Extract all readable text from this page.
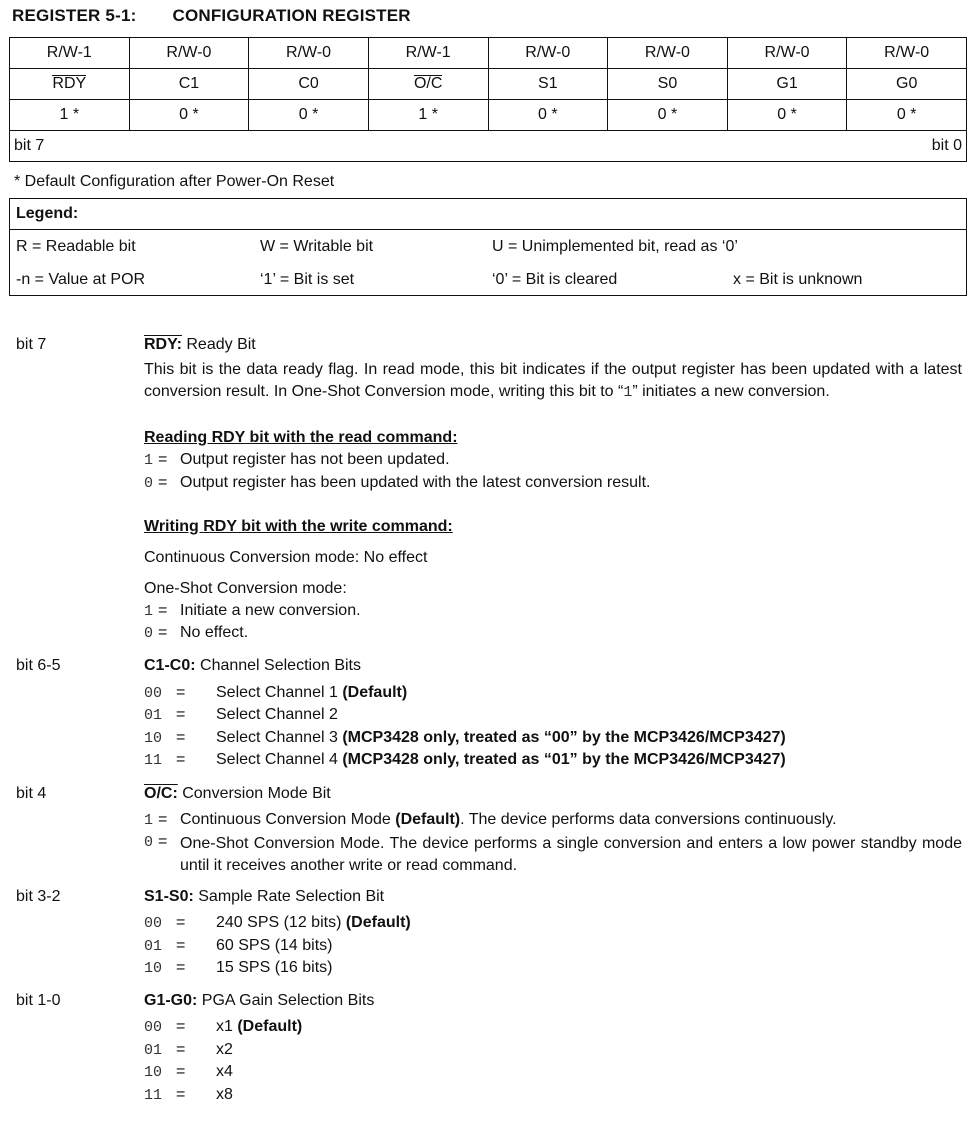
REGISTER 5-1: CONFIGURATION REGISTER
R/W-1	R/W-0	R/W-0	R/W-1	R/W-0	R/W-0	R/W-0	R/W-0
RDY	C1	C0	O/C	S1	S0	G1	G0
1 *	0 *	0 *	1 *	0 *	0 *	0 *	0 *
bit 7 bit 0							
* Default Configuration after Power-On Reset
Legend:
R = Readable bit	W = Writable bit	U = Unimplemented bit, read as ‘0’
-n = Value at POR	‘1’ = Bit is set	‘0’ = Bit is cleared	x = Bit is unknown
bit 7	RDY: Ready Bit
This bit is the data ready flag. In read mode, this bit indicates if the output register has been updated with a latest conversion result. In One-Shot Conversion mode, writing this bit to “1” initiates a new conversion.
Reading RDY bit with the read command:
1 = Output register has not been updated.
0 = Output register has been updated with the latest conversion result.
Writing RDY bit with the write command:
Continuous Conversion mode: No effect
One-Shot Conversion mode:
1 = Initiate a new conversion.
0 = No effect.
bit 6-5	C1-C0: Channel Selection Bits
00 = Select Channel 1 (Default)
01 = Select Channel 2
10 = Select Channel 3 (MCP3428 only, treated as “00” by the MCP3426/MCP3427)
11 = Select Channel 4 (MCP3428 only, treated as “01” by the MCP3426/MCP3427)
bit 4	O/C: Conversion Mode Bit
1 = Continuous Conversion Mode (Default). The device performs data conversions continuously.
0 = One-Shot Conversion Mode. The device performs a single conversion and enters a low power standby mode until it receives another write or read command.
bit 3-2	S1-S0: Sample Rate Selection Bit
00 = 240 SPS (12 bits) (Default)
01 = 60 SPS (14 bits)
10 = 15 SPS (16 bits)
bit 1-0	G1-G0: PGA Gain Selection Bits
00 = x1 (Default)
01 = x2
10 = x4
11 = x8
